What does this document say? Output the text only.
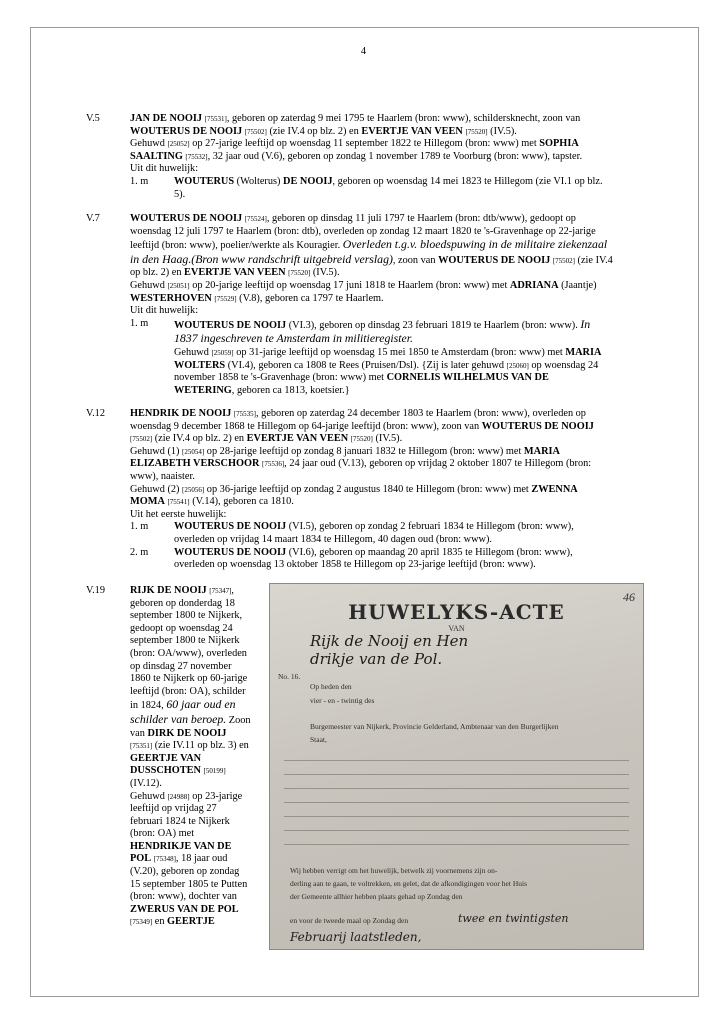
4
V.5	JAN DE NOOIJ [75531], geboren op zaterdag 9 mei 1795 te Haarlem (bron: www), schildersknecht, zoon van

WOUTERUS DE NOOIJ [75502] (zie IV.4 op blz. 2) en EVERTJE VAN VEEN [75520] (IV.5).

Gehuwd [25052] op 27-jarige leeftijd op woensdag 11 september 1822 te Hillegom (bron: www) met SOPHIA

SAALTING [75532], 32 jaar oud (V.6), geboren op zondag 1 november 1789 te Voorburg (bron: www), tapster.

Uit dit huwelijk:

1. m WOUTERUS (Wolterus) DE NOOIJ, geboren op woensdag 14 mei 1823 te Hillegom (zie VI.1 op blz.
5).
V.7	WOUTERUS DE NOOIJ [75524], geboren op dinsdag 11 juli 1797 te Haarlem (bron: dtb/www), gedoopt op

woensdag 12 juli 1797 te Haarlem (bron: dtb), overleden op zondag 12 maart 1820 te 's-Gravenhage op 22-jarige

leeftijd (bron: www), poelier/werkte als Kouragier. Overleden t.g.v. bloedspuwing in de militaire ziekenzaal

in den Haag.(Bron www randschrift uitgebreid verslag), zoon van WOUTERUS DE NOOIJ [75502] (zie IV.4

op blz. 2) en EVERTJE VAN VEEN [75520] (IV.5).

Gehuwd [25051] op 20-jarige leeftijd op woensdag 17 juni 1818 te Haarlem (bron: www) met ADRIANA (Jaantje)

WESTERHOVEN [75529] (V.8), geboren ca 1797 te Haarlem.

Uit dit huwelijk:

1. m WOUTERUS DE NOOIJ (VI.3), geboren op dinsdag 23 februari 1819 te Haarlem (bron: www). In
1837 ingeschreven te Amsterdam in militieregister.
Gehuwd [25059] op 31-jarige leeftijd op woensdag 15 mei 1850 te Amsterdam (bron: www) met MARIA
WOLTERS (VI.4), geboren ca 1808 te Rees (Pruisen/Dsl). {Zij is later gehuwd [25060] op woensdag 24
november 1858 te 's-Gravenhage (bron: www) met CORNELIS WILHELMUS VAN DE
WETERING, geboren ca 1813, koetsier.}
V.12	HENDRIK DE NOOIJ [75535], geboren op zaterdag 24 december 1803 te Haarlem (bron: www), overleden op

woensdag 9 december 1868 te Hillegom op 64-jarige leeftijd (bron: www), zoon van WOUTERUS DE NOOIJ

[75502] (zie IV.4 op blz. 2) en EVERTJE VAN VEEN [75520] (IV.5).

Gehuwd (1) [25054] op 28-jarige leeftijd op zondag 8 januari 1832 te Hillegom (bron: www) met MARIA

ELIZABETH VERSCHOOR [75536], 24 jaar oud (V.13), geboren op vrijdag 2 oktober 1807 te Hillegom (bron:

www), naaister.

Gehuwd (2) [25056] op 36-jarige leeftijd op zondag 2 augustus 1840 te Hillegom (bron: www) met ZWENNA

MOMA [75541] (V.14), geboren ca 1810.

Uit het eerste huwelijk:

1. m WOUTERUS DE NOOIJ (VI.5), geboren op zondag 2 februari 1834 te Hillegom (bron: www),
overleden op vrijdag 14 maart 1834 te Hillegom, 40 dagen oud (bron: www).
2. m WOUTERUS DE NOOIJ (VI.6), geboren op maandag 20 april 1835 te Hillegom (bron: www),
overleden op woensdag 13 oktober 1858 te Hillegom op 23-jarige leeftijd (bron: www).
V.19 RIJK DE NOOIJ [75347],
geboren op donderdag 18
september 1800 te Nijkerk,
gedoopt op woensdag 24
september 1800 te Nijkerk
(bron: OA/www), overleden
op dinsdag 27 november
1860 te Nijkerk op 60-jarige
leeftijd (bron: OA), schilder
in 1824, 60 jaar oud en
schilder van beroep. Zoon
van DIRK DE NOOIJ
[75351] (zie IV.11 op blz. 3) en
GEERTJE VAN
DUSSCHOTEN [50199]
(IV.12).
Gehuwd [24988] op 23-jarige
leeftijd op vrijdag 27
februari 1824 te Nijkerk
(bron: OA) met
HENDRIKJE VAN DE
POL [75348], 18 jaar oud
(V.20), geboren op zondag
15 september 1805 te Putten
(bron: www), dochter van
ZWERUS VAN DE POL
[75349] en GEERTJE
46
HUWELYKS-ACTE
VAN
Rijk de Nooij en Hen
drikje van de Pol.
No. 16.
Op heden den
vier - en - twintig des
Burgemeester van Nijkerk, Provincie Gelderland, Ambtenaar van den Burgerlijken
Staat,
Wij hebben verrigt om het huwelijk, betwelk zij voornemens zijn on-
derling aan te gaan, te voltrekken, en gelet, dat de afkondigingen voor het Huis
der Gemeente allhier hebben plaats gehad op Zondag den
en voor de tweede maal op Zondag den	twee en twintigsten
Februarij laatstleden,
